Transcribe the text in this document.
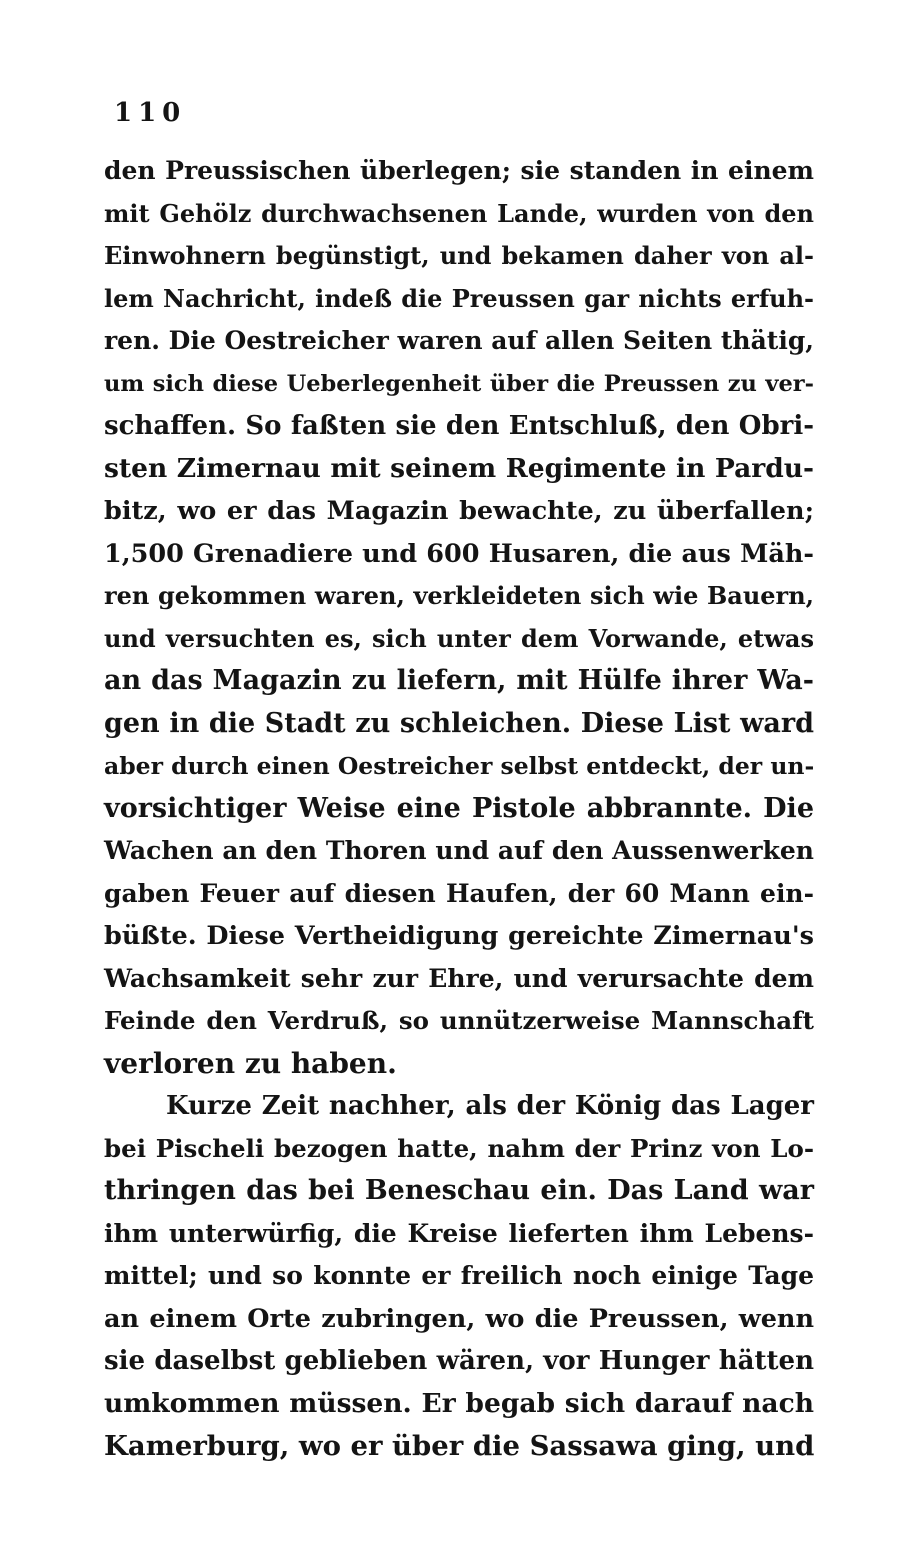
110
den Preussischen überlegen; sie standen in einem
mit Gehölz durchwachsenen Lande, wurden von den
Einwohnern begünstigt, und bekamen daher von al-
lem Nachricht, indeß die Preussen gar nichts erfuh-
ren. Die Oestreicher waren auf allen Seiten thätig,
um sich diese Ueberlegenheit über die Preussen zu ver-
schaffen. So faßten sie den Entschluß, den Obri-
sten Zimernau mit seinem Regimente in Pardu-
bitz, wo er das Magazin bewachte, zu überfallen;
1,500 Grenadiere und 600 Husaren, die aus Mäh-
ren gekommen waren, verkleideten sich wie Bauern,
und versuchten es, sich unter dem Vorwande, etwas
an das Magazin zu liefern, mit Hülfe ihrer Wa-
gen in die Stadt zu schleichen. Diese List ward
aber durch einen Oestreicher selbst entdeckt, der un-
vorsichtiger Weise eine Pistole abbrannte. Die
Wachen an den Thoren und auf den Aussenwerken
gaben Feuer auf diesen Haufen, der 60 Mann ein-
büßte. Diese Vertheidigung gereichte Zimernau's
Wachsamkeit sehr zur Ehre, und verursachte dem
Feinde den Verdruß, so unnützerweise Mannschaft
verloren zu haben.
Kurze Zeit nachher, als der König das Lager
bei Pischeli bezogen hatte, nahm der Prinz von Lo-
thringen das bei Beneschau ein. Das Land war
ihm unterwürfig, die Kreise lieferten ihm Lebens-
mittel; und so konnte er freilich noch einige Tage
an einem Orte zubringen, wo die Preussen, wenn
sie daselbst geblieben wären, vor Hunger hätten
umkommen müssen. Er begab sich darauf nach
Kamerburg, wo er über die Sassawa ging, und
